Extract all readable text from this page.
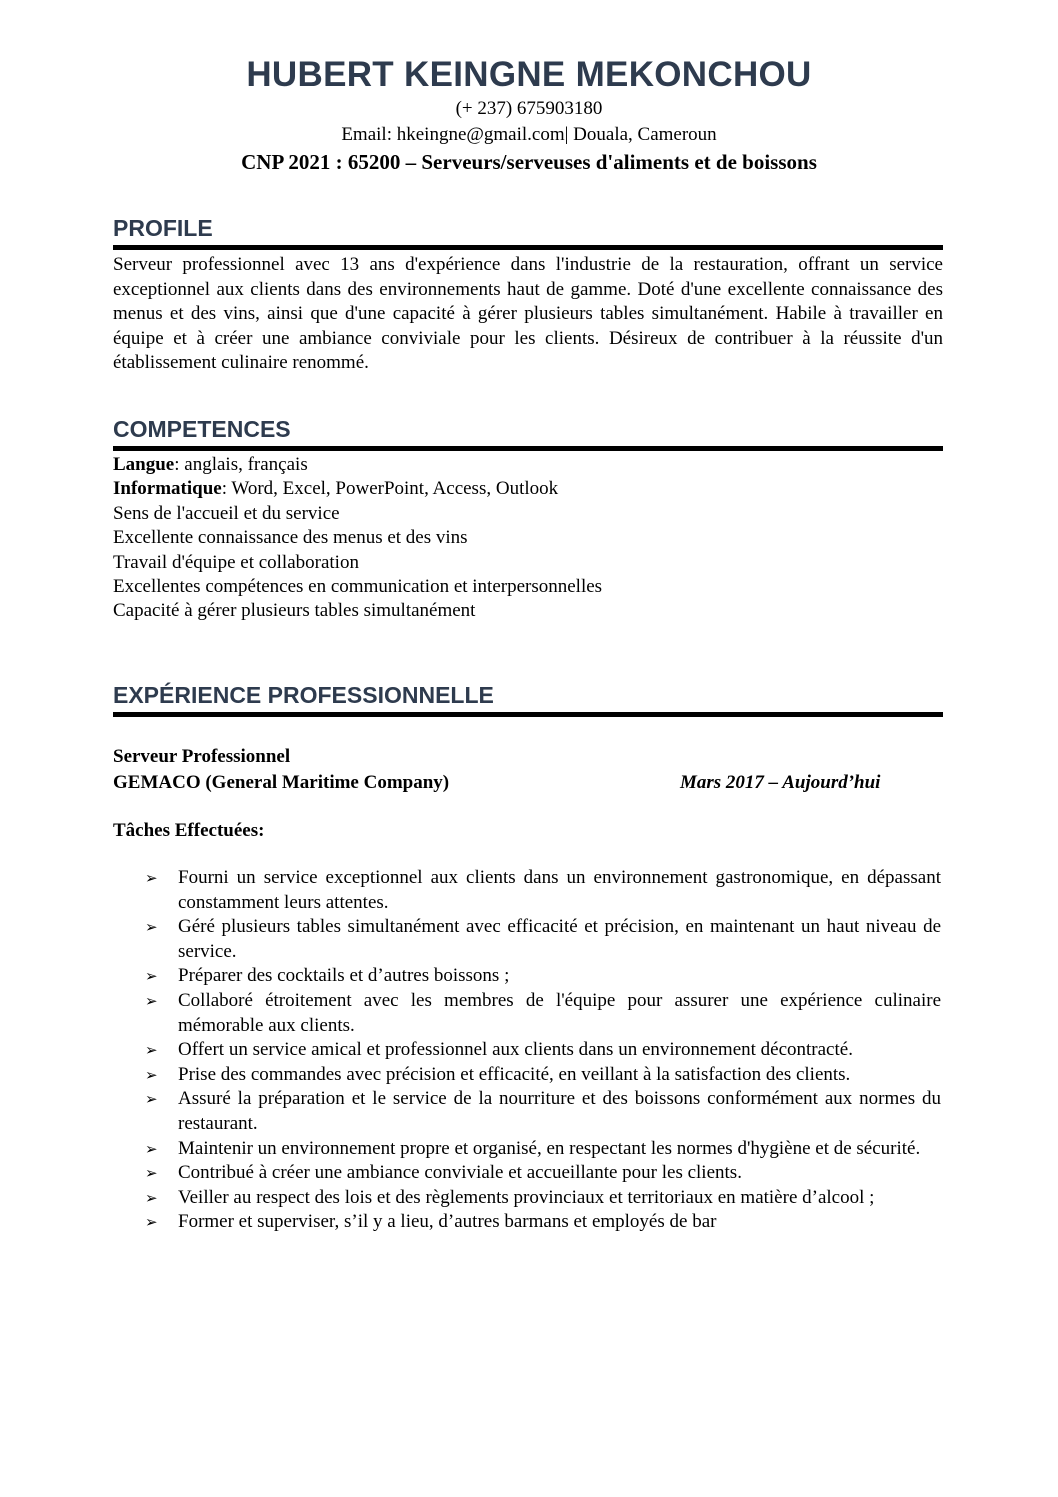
HUBERT KEINGNE MEKONCHOU
(+ 237) 675903180
Email: hkeingne@gmail.com| Douala, Cameroun
CNP 2021 : 65200 – Serveurs/serveuses d'aliments et de boissons
PROFILE
Serveur professionnel avec 13 ans d'expérience dans l'industrie de la restauration, offrant un service exceptionnel aux clients dans des environnements haut de gamme. Doté d'une excellente connaissance des menus et des vins, ainsi que d'une capacité à gérer plusieurs tables simultanément. Habile à travailler en équipe et à créer une ambiance conviviale pour les clients. Désireux de contribuer à la réussite d'un établissement culinaire renommé.
COMPETENCES
Langue: anglais, français
Informatique: Word, Excel, PowerPoint, Access, Outlook
Sens de l'accueil et du service
Excellente connaissance des menus et des vins
Travail d'équipe et collaboration
Excellentes compétences en communication et interpersonnelles
Capacité à gérer plusieurs tables simultanément
EXPÉRIENCE PROFESSIONNELLE
Serveur Professionnel
GEMACO (General Maritime Company)	Mars 2017 – Aujourd’hui
Tâches Effectuées:
➢ Fourni un service exceptionnel aux clients dans un environnement gastronomique, en dépassant constamment leurs attentes.
➢ Géré plusieurs tables simultanément avec efficacité et précision, en maintenant un haut niveau de service.
➢ Préparer des cocktails et d’autres boissons ;
➢ Collaboré étroitement avec les membres de l'équipe pour assurer une expérience culinaire mémorable aux clients.
➢ Offert un service amical et professionnel aux clients dans un environnement décontracté.
➢ Prise des commandes avec précision et efficacité, en veillant à la satisfaction des clients.
➢ Assuré la préparation et le service de la nourriture et des boissons conformément aux normes du restaurant.
➢ Maintenir un environnement propre et organisé, en respectant les normes d'hygiène et de sécurité.
➢ Contribué à créer une ambiance conviviale et accueillante pour les clients.
➢ Veiller au respect des lois et des règlements provinciaux et territoriaux en matière d’alcool ;
➢ Former et superviser, s’il y a lieu, d’autres barmans et employés de bar
